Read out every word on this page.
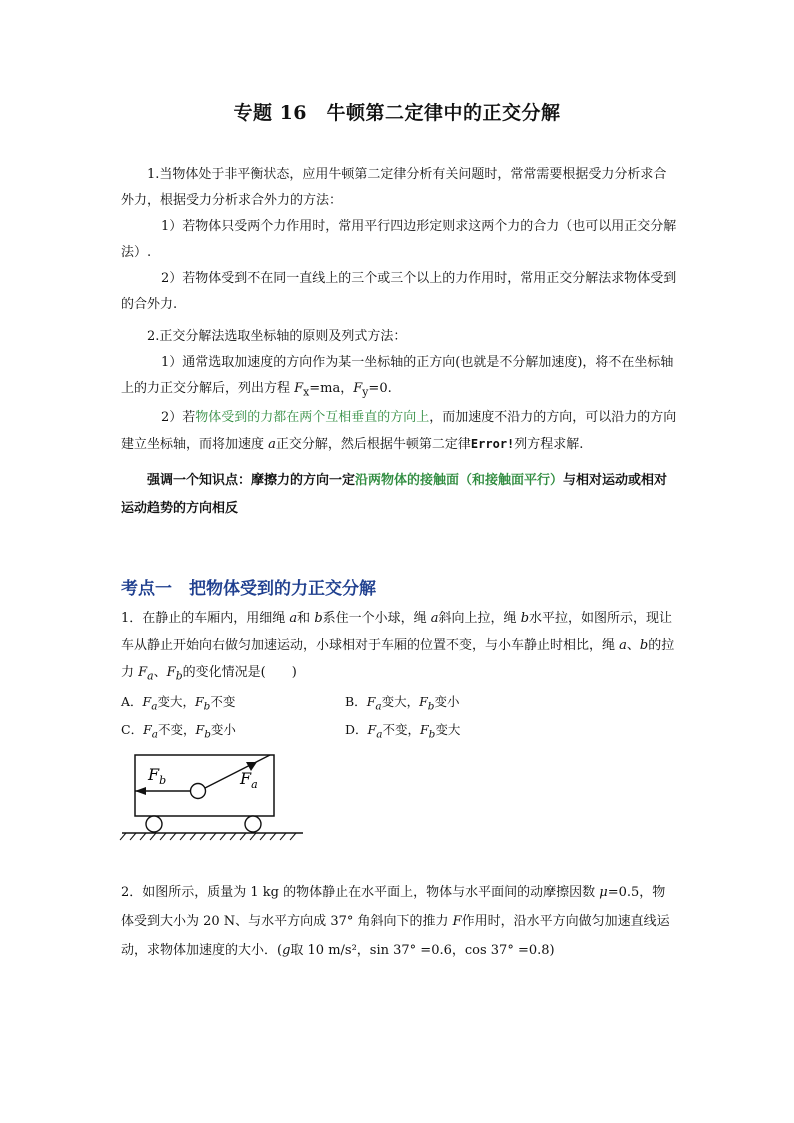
专题 16　牛顿第二定律中的正交分解

1.当物体处于非平衡状态，应用牛顿第二定律分析有关问题时，常常需要根据受力分析求合外力，根据受力分析求合外力的方法：

1）若物体只受两个力作用时，常用平行四边形定则求这两个力的合力（也可以用正交分解法）.

2）若物体受到不在同一直线上的三个或三个以上的力作用时，常用正交分解法求物体受到的合外力.

2.正交分解法选取坐标轴的原则及列式方法：

1）通常选取加速度的方向作为某一坐标轴的正方向(也就是不分解加速度)，将不在坐标轴上的力正交分解后，列出方程 $F_x=ma$，$F_y=0$.

2）若物体受到的力都在两个互相垂直的方向上，而加速度不沿力的方向，可以沿力的方向建立坐标轴，而将加速度 a正交分解，然后根据牛顿第二定律Error!列方程求解.

强调一个知识点：摩擦力的方向一定沿两物体的接触面（和接触面平行）与相对运动或相对运动趋势的方向相反

考点一　把物体受到的力正交分解

1．在静止的车厢内，用细绳 a和 b系住一个小球，绳 a斜向上拉，绳 b水平拉，如图所示，现让车从静止开始向右做匀加速运动，小球相对于车厢的位置不变，与小车静止时相比，绳 a、b的拉力 $F_a$、$F_b$的变化情况是(　　)

A．$F_a$变大，$F_b$不变	B．$F_a$变大，$F_b$变小
C．$F_a$不变，$F_b$变小	D．$F_a$不变，$F_b$变大
$F_b$	$F_a$

2．如图所示，质量为 1 kg 的物体静止在水平面上，物体与水平面间的动摩擦因数 μ=0.5，物体受到大小为 20 N、与水平方向成 37° 角斜向下的推力 F作用时，沿水平方向做匀加速直线运动，求物体加速度的大小．(g取 10 m/s²，sin 37° =0.6，cos 37° =0.8)
